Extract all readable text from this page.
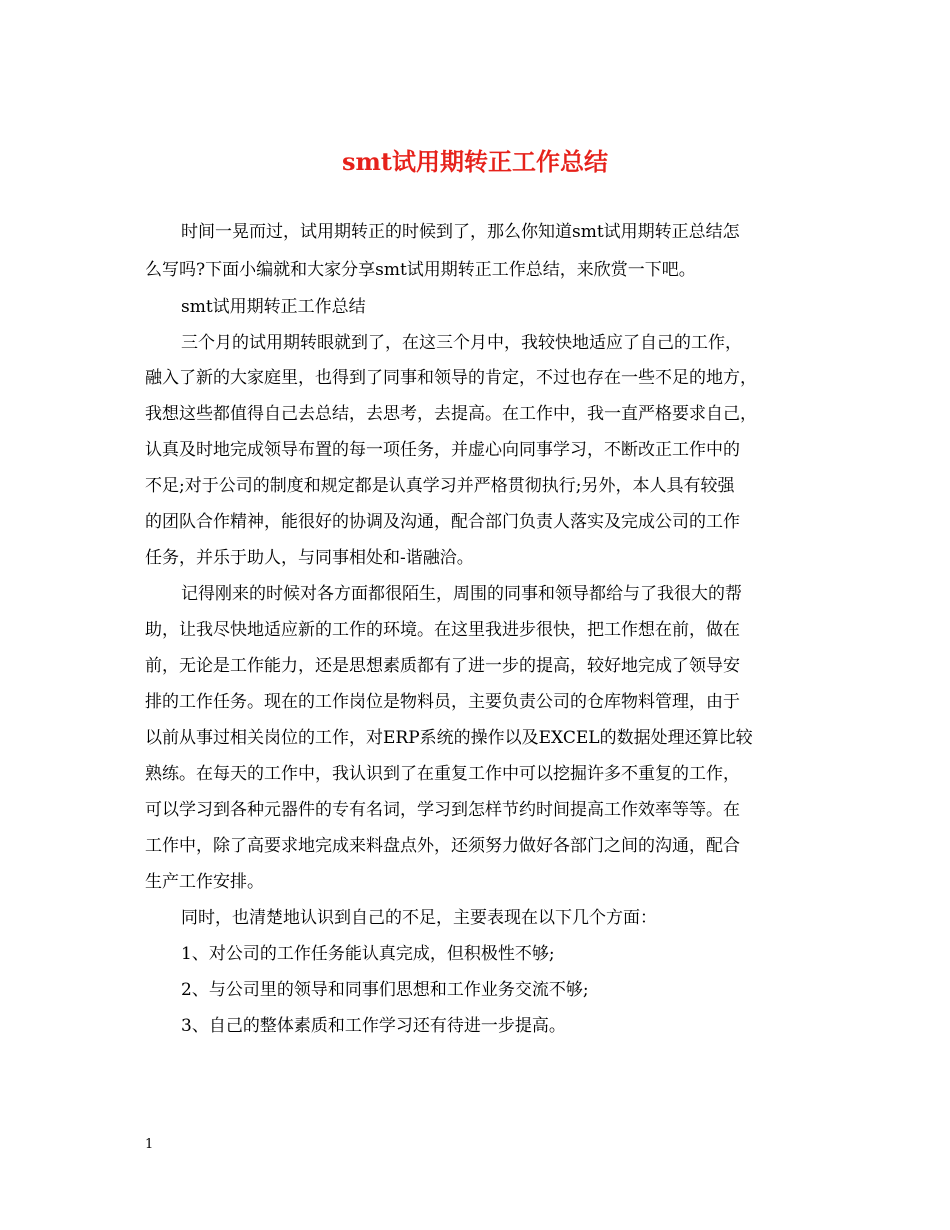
smt试用期转正工作总结
时间一晃而过，试用期转正的时候到了，那么你知道smt试用期转正总结怎
么写吗?下面小编就和大家分享smt试用期转正工作总结，来欣赏一下吧。
smt试用期转正工作总结
三个月的试用期转眼就到了，在这三个月中，我较快地适应了自己的工作，
融入了新的大家庭里，也得到了同事和领导的肯定，不过也存在一些不足的地方，
我想这些都值得自己去总结，去思考，去提高。在工作中，我一直严格要求自己，
认真及时地完成领导布置的每一项任务，并虚心向同事学习，不断改正工作中的
不足;对于公司的制度和规定都是认真学习并严格贯彻执行;另外，本人具有较强
的团队合作精神，能很好的协调及沟通，配合部门负责人落实及完成公司的工作
任务，并乐于助人，与同事相处和-谐融洽。
记得刚来的时候对各方面都很陌生，周围的同事和领导都给与了我很大的帮
助，让我尽快地适应新的工作的环境。在这里我进步很快，把工作想在前，做在
前，无论是工作能力，还是思想素质都有了进一步的提高，较好地完成了领导安
排的工作任务。现在的工作岗位是物料员，主要负责公司的仓库物料管理，由于
以前从事过相关岗位的工作，对ERP系统的操作以及EXCEL的数据处理还算比较
熟练。在每天的工作中，我认识到了在重复工作中可以挖掘许多不重复的工作，
可以学习到各种元器件的专有名词，学习到怎样节约时间提高工作效率等等。在
工作中，除了高要求地完成来料盘点外，还须努力做好各部门之间的沟通，配合
生产工作安排。
同时，也清楚地认识到自己的不足，主要表现在以下几个方面：
1、对公司的工作任务能认真完成，但积极性不够;
2、与公司里的领导和同事们思想和工作业务交流不够;
3、自己的整体素质和工作学习还有待进一步提高。
1
